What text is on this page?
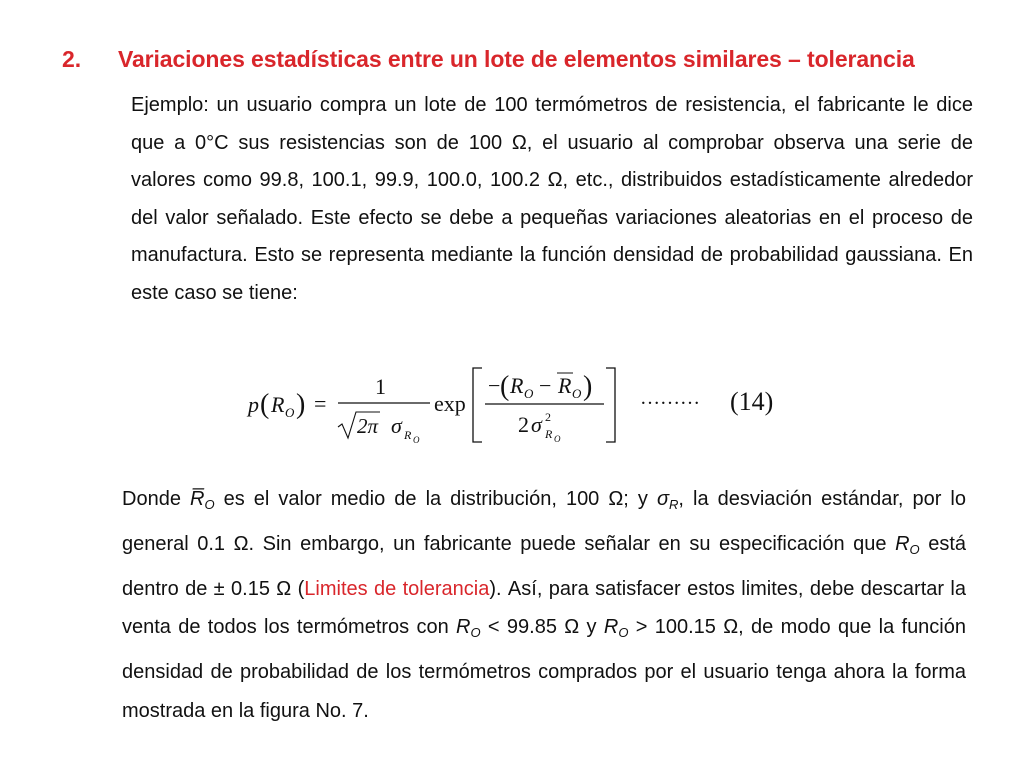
2. Variaciones estadísticas entre un lote de elementos similares – tolerancia
Ejemplo: un usuario compra un lote de 100 termómetros de resistencia, el fabricante le dice que a 0°C sus resistencias son de 100 Ω, el usuario al comprobar observa una serie de valores como 99.8, 100.1, 99.9, 100.0, 100.2 Ω, etc., distribuidos estadísticamente alrededor del valor señalado. Este efecto se debe a pequeñas variaciones aleatorias en el proceso de manufactura. Esto se representa mediante la función densidad de probabilidad gaussiana. En este caso se tiene:
p ( R O ) =
1
2π σ R O
exp
− ( R O − R O )
2 σ 2
R O
……… (14)
Donde $R̅_O$ es el valor medio de la distribución, 100 Ω; y $\sigma_R$, la desviación estándar, por lo general 0.1 Ω. Sin embargo, un fabricante puede señalar en su especificación que $R_O$ está dentro de ± 0.15 Ω (Limites de tolerancia). Así, para satisfacer estos limites, debe descartar la venta de todos los termómetros con $R_O < 99.85$ Ω y $R_O > 100.15$ Ω, de modo que la función densidad de probabilidad de los termómetros comprados por el usuario tenga ahora la forma mostrada en la figura No. 7.
